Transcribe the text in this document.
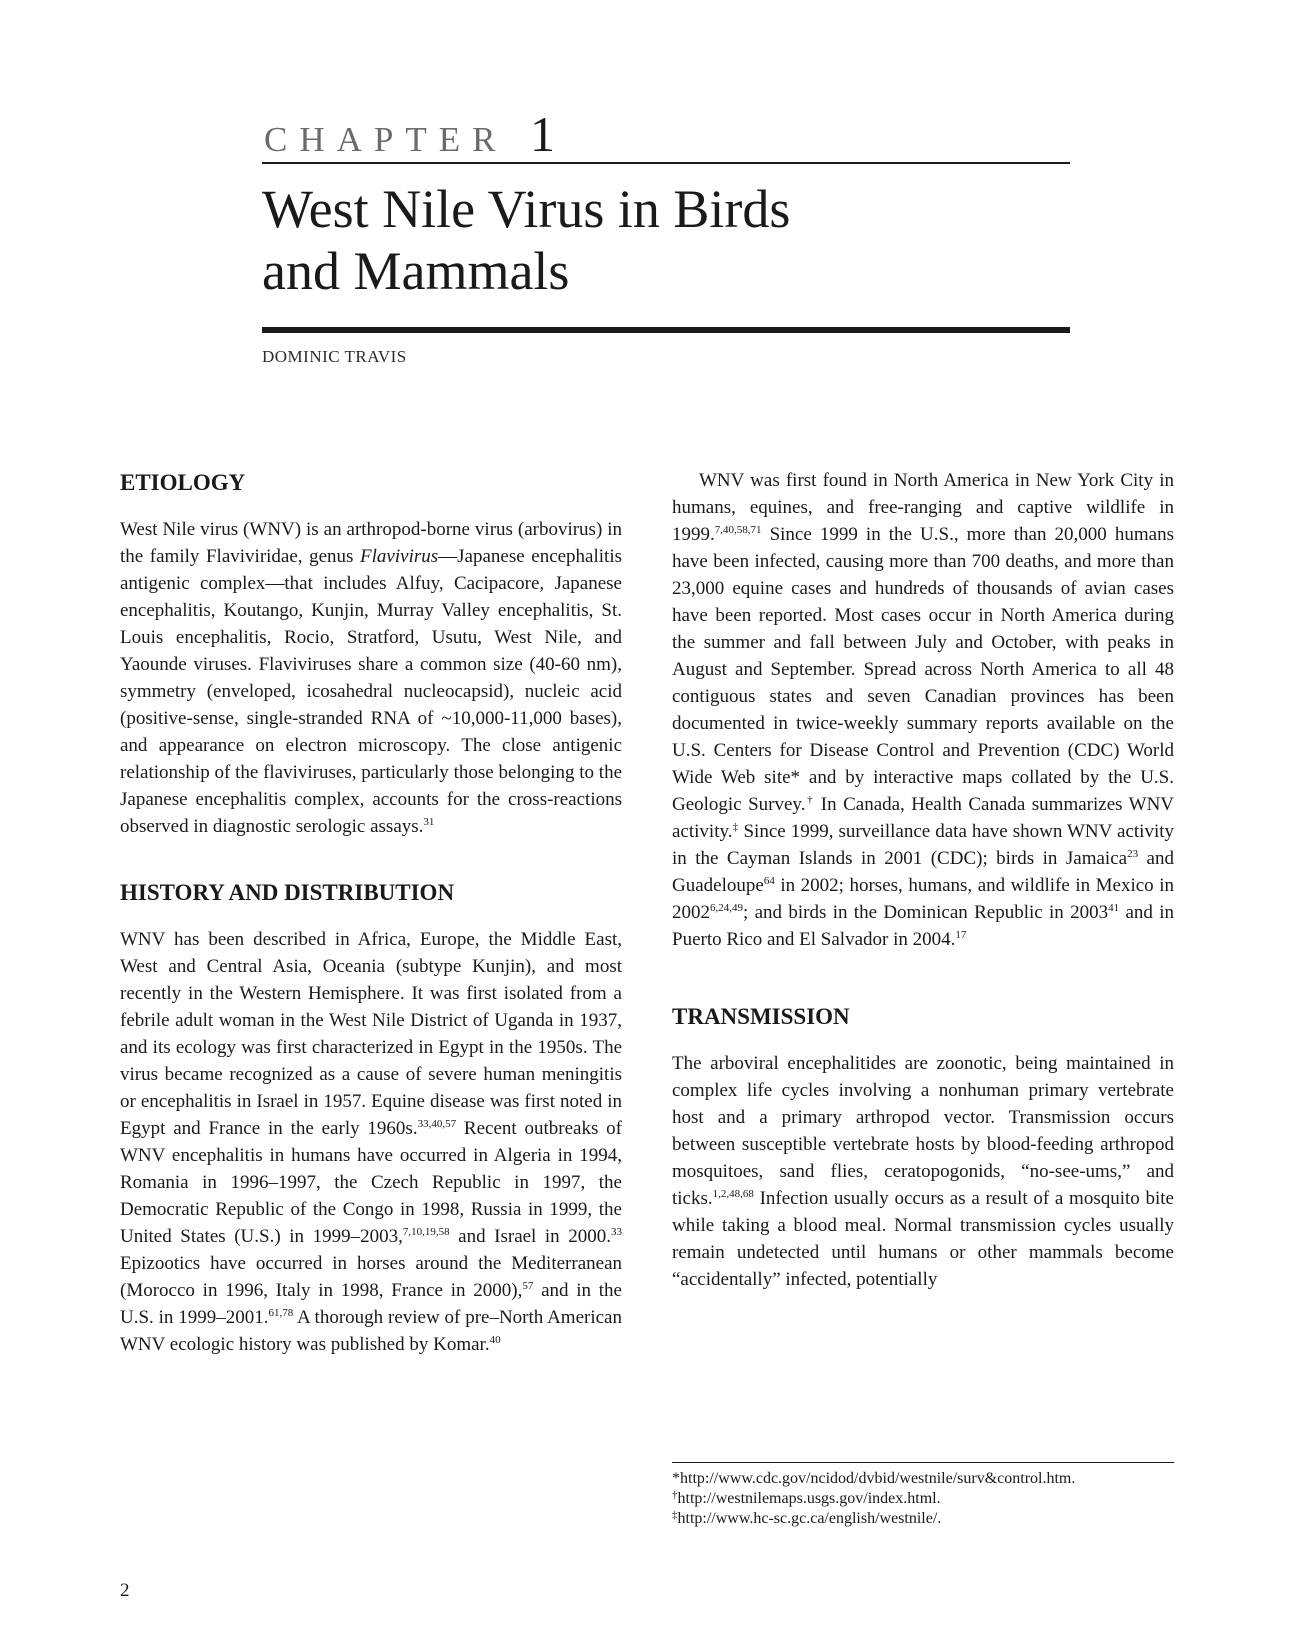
CHAPTER 1
West Nile Virus in Birds
and Mammals
DOMINIC TRAVIS
ETIOLOGY

West Nile virus (WNV) is an arthropod-borne virus (arbovirus) in the family Flaviviridae, genus Flavivirus—Japanese encephalitis antigenic complex—that includes Alfuy, Cacipacore, Japanese encephalitis, Koutango, Kunjin, Murray Valley encephalitis, St. Louis encephalitis, Rocio, Stratford, Usutu, West Nile, and Yaounde viruses. Flaviviruses share a common size (40-60 nm), symmetry (enveloped, icosahedral nucleocapsid), nucleic acid (positive-sense, single-stranded RNA of ~10,000-11,000 bases), and appearance on electron microscopy. The close antigenic relationship of the flaviviruses, particularly those belonging to the Japanese encephalitis complex, accounts for the cross-reactions observed in diagnostic serologic assays.$^{31}$

HISTORY AND DISTRIBUTION

WNV has been described in Africa, Europe, the Middle East, West and Central Asia, Oceania (subtype Kunjin), and most recently in the Western Hemisphere. It was first isolated from a febrile adult woman in the West Nile District of Uganda in 1937, and its ecology was first characterized in Egypt in the 1950s. The virus became recognized as a cause of severe human meningitis or encephalitis in Israel in 1957. Equine disease was first noted in Egypt and France in the early 1960s.$^{33,40,57}$ Recent outbreaks of WNV encephalitis in humans have occurred in Algeria in 1994, Romania in 1996–1997, the Czech Republic in 1997, the Democratic Republic of the Congo in 1998, Russia in 1999, the United States (U.S.) in 1999–2003,$^{7,10,19,58}$ and Israel in 2000.33 Epizootics have occurred in horses around the Mediterranean (Morocco in 1996, Italy in 1998, France in 2000),$^{57}$ and in the U.S. in 1999–2001.$^{61,78}$ A thorough review of pre–North American WNV ecologic history was published by Komar.$^{40}$

WNV was first found in North America in New York City in humans, equines, and free-ranging and captive wildlife in 1999.$^{7,40,58,71}$ Since 1999 in the U.S., more than 20,000 humans have been infected, causing more than 700 deaths, and more than 23,000 equine cases and hundreds of thousands of avian cases have been reported. Most cases occur in North America during the summer and fall between July and October, with peaks in August and September. Spread across North America to all 48 contiguous states and seven Canadian provinces has been documented in twice-weekly summary reports available on the U.S. Centers for Disease Control and Prevention (CDC) World Wide Web site* and by interactive maps collated by the U.S. Geologic Survey.† In Canada, Health Canada summarizes WNV activity.‡ Since 1999, surveillance data have shown WNV activity in the Cayman Islands in 2001 (CDC); birds in Jamaica$^{23}$ and Guadeloupe$^{64}$ in 2002; horses, humans, and wildlife in Mexico in 2002$^{6,24,49}$; and birds in the Dominican Republic in 2003$^{41}$ and in Puerto Rico and El Salvador in 2004.17

TRANSMISSION

The arboviral encephalitides are zoonotic, being maintained in complex life cycles involving a nonhuman primary vertebrate host and a primary arthropod vector. Transmission occurs between susceptible vertebrate hosts by blood-feeding arthropod mosquitoes, sand flies, ceratopogonids, “no-see-ums,” and ticks.$^{1,2,48,68}$ Infection usually occurs as a result of a mosquito bite while taking a blood meal. Normal transmission cycles usually remain undetected until humans or other mammals become “accidentally” infected, potentially

*http://www.cdc.gov/ncidod/dvbid/westnile/surv&control.htm.
†http://westnilemaps.usgs.gov/index.html.
‡http://www.hc-sc.gc.ca/english/westnile/.
2
